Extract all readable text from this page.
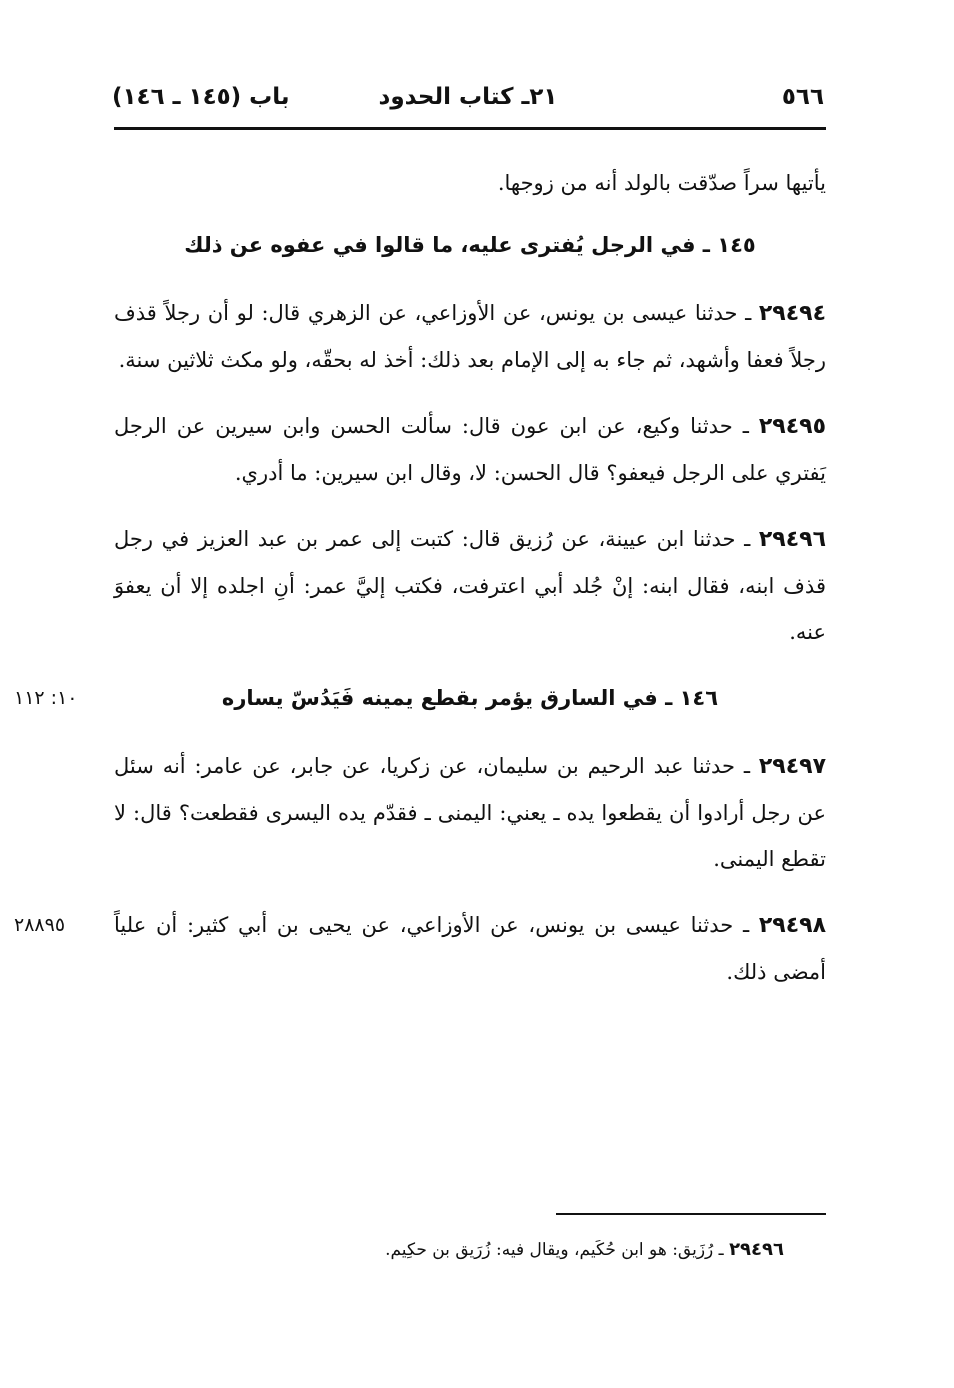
٥٦٦
٢١ـ كتاب الحدود
باب (١٤٥ ـ ١٤٦)

يأتيها سراً صدّقت بالولد أنه من زوجها.

١٤٥ ـ في الرجل يُفترى عليه، ما قالوا في عفوه عن ذلك

٢٩٤٩٤ ـ حدثنا عيسى بن يونس، عن الأوزاعي، عن الزهري قال: لو أن رجلاً قذف رجلاً فعفا وأشهد، ثم جاء به إلى الإمام بعد ذلك: أخذ له بحقّه، ولو مكث ثلاثين سنة.

٢٩٤٩٥ ـ حدثنا وكيع، عن ابن عون قال: سألت الحسن وابن سيرين عن الرجل يَفتري على الرجل فيعفو؟ قال الحسن: لا، وقال ابن سيرين: ما أدري.

٢٩٤٩٦ ـ حدثنا ابن عيينة، عن رُزيق قال: كتبت إلى عمر بن عبد العزيز في رجل قذف ابنه، فقال ابنه: إنْ جُلد أبي اعترفت، فكتب إليَّ عمر: أنِ اجلده إلا أن يعفوَ عنه.

١٤٦ ـ في السارق يؤمر بقطع يمينه فَيَدُسّ يساره
١٠: ١١٢

٢٩٤٩٧ ـ حدثنا عبد الرحيم بن سليمان، عن زكريا، عن جابر، عن عامر: أنه سئل عن رجل أرادوا أن يقطعوا يده ـ يعني: اليمنى ـ فقدّم يده اليسرى فقطعت؟ قال: لا تقطع اليمنى.

٢٨٨٩٥	٢٩٤٩٨ ـ حدثنا عيسى بن يونس، عن الأوزاعي، عن يحيى بن أبي كثير: أن علياً أمضى ذلك.

٢٩٤٩٦ ـ رُزَيق: هو ابن حُكَيم، ويقال فيه: زُرَيق بن حكِيم.
